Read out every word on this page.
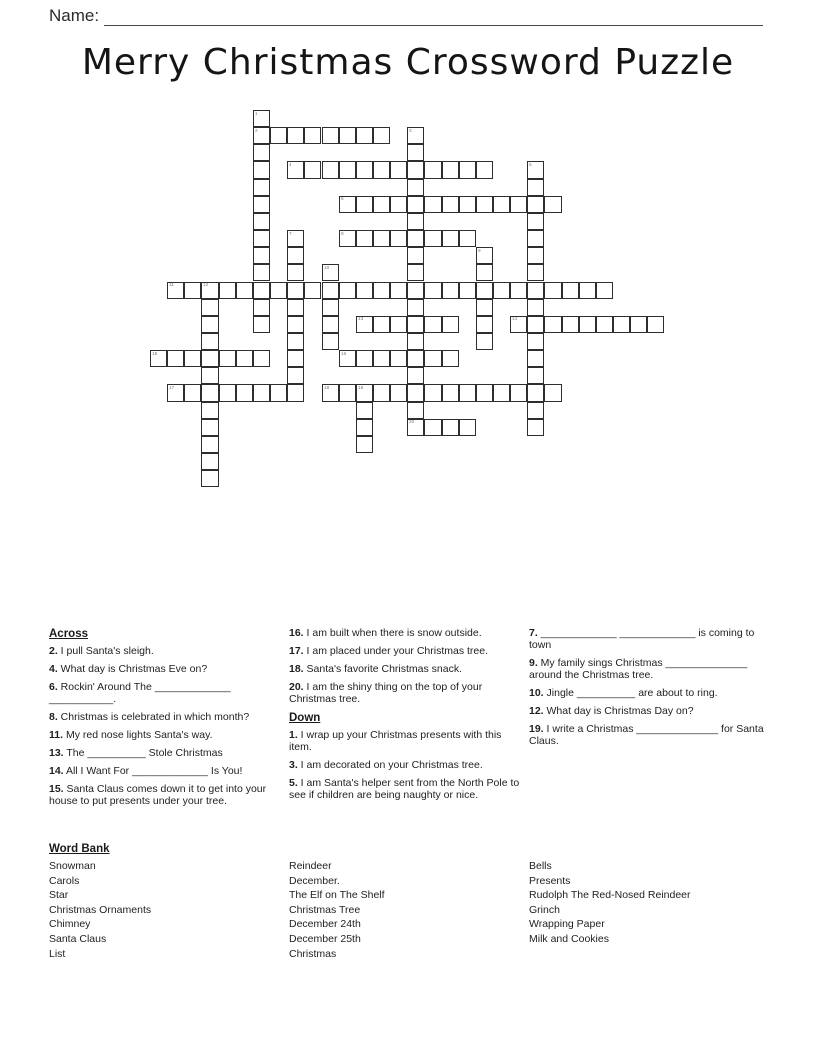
Name:
Merry Christmas Crossword Puzzle
1
2	3
20
4	5
6
7	8
9
10
11	12
13	14
15	16
17	18	19
Across
2. I pull Santa's sleigh.
4. What day is Christmas Eve on?
6. Rockin' Around The _____________ ___________.
8. Christmas is celebrated in which month?
11. My red nose lights Santa's way.
13. The __________ Stole Christmas
14. All I Want For _____________ Is You!
15. Santa Claus comes down it to get into your house to put presents under your tree.
16. I am built when there is snow outside.
17. I am placed under your Christmas tree.
18. Santa's favorite Christmas snack.
20. I am the shiny thing on the top of your Christmas tree.
Down
1. I wrap up your Christmas presents with this item.
3. I am decorated on your Christmas tree.
5. I am Santa's helper sent from the North Pole to see if children are being naughty or nice.
7. _____________ _____________ is coming to town
9. My family sings Christmas ______________ around the Christmas tree.
10. Jingle __________ are about to ring.
12. What day is Christmas Day on?
19. I write a Christmas ______________ for Santa Claus.
Word Bank
Snowman
Carols
Star
Christmas Ornaments
Chimney
Santa Claus
List
Reindeer
December.
The Elf on The Shelf
Christmas Tree
December 24th
December 25th
Christmas
Bells
Presents
Rudolph The Red-Nosed Reindeer
Grinch
Wrapping Paper
Milk and Cookies
